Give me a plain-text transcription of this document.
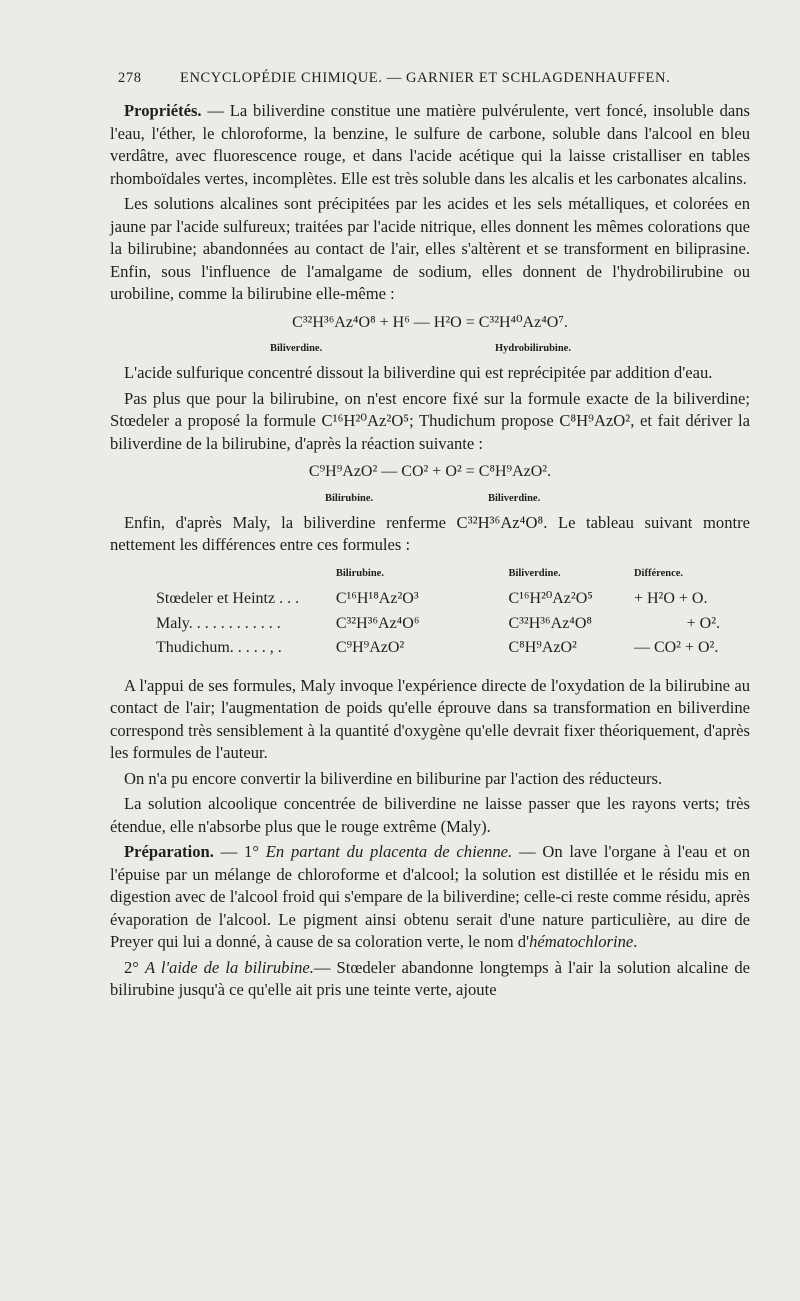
278	ENCYCLOPÉDIE CHIMIQUE. — GARNIER ET SCHLAGDENHAUFFEN.

Propriétés. — La biliverdine constitue une matière pulvérulente, vert foncé, insoluble dans l'eau, l'éther, le chloroforme, la benzine, le sulfure de carbone, soluble dans l'alcool en bleu verdâtre, avec fluorescence rouge, et dans l'acide acétique qui la laisse cristalliser en tables rhomboïdales vertes, incomplètes. Elle est très soluble dans les alcalis et les carbonates alcalins.

Les solutions alcalines sont précipitées par les acides et les sels métalliques, et colorées en jaune par l'acide sulfureux; traitées par l'acide nitrique, elles donnent les mêmes colorations que la bilirubine; abandonnées au contact de l'air, elles s'altèrent et se transforment en biliprasine. Enfin, sous l'influence de l'amalgame de sodium, elles donnent de l'hydrobilirubine ou urobiline, comme la bilirubine elle-même :

C³²H³⁶Az⁴O⁸ + H⁶ — H²O = C³²H⁴⁰Az⁴O⁷.
Biliverdine.	Hydrobilirubine.

L'acide sulfurique concentré dissout la biliverdine qui est reprécipitée par addition d'eau.

Pas plus que pour la bilirubine, on n'est encore fixé sur la formule exacte de la biliverdine; Stœdeler a proposé la formule C¹⁶H²⁰Az²O⁵; Thudichum propose C⁸H⁹AzO², et fait dériver la biliverdine de la bilirubine, d'après la réaction suivante :

C⁹H⁹AzO² — CO² + O² = C⁸H⁹AzO².
Bilirubine.	Biliverdine.

Enfin, d'après Maly, la biliverdine renferme C³²H³⁶Az⁴O⁸. Le tableau suivant montre nettement les différences entre ces formules :

	Bilirubine.	Biliverdine.	Différence.
Stœdeler et Heintz . . .	C¹⁶H¹⁸Az²O³	C¹⁶H²⁰Az²O⁵	+ H²O + O.
Maly. . . . . . . . . . . .	C³²H³⁶Az⁴O⁶	C³²H³⁶Az⁴O⁸	+ O².
Thudichum. . . . . , .	C⁹H⁹AzO²	C⁸H⁹AzO²	— CO² + O².

A l'appui de ses formules, Maly invoque l'expérience directe de l'oxydation de la bilirubine au contact de l'air; l'augmentation de poids qu'elle éprouve dans sa transformation en biliverdine correspond très sensiblement à la quantité d'oxygène qu'elle devrait fixer théoriquement, d'après les formules de l'auteur.

On n'a pu encore convertir la biliverdine en biliburine par l'action des réducteurs.

La solution alcoolique concentrée de biliverdine ne laisse passer que les rayons verts; très étendue, elle n'absorbe plus que le rouge extrême (Maly).

Préparation. — 1° En partant du placenta de chienne. — On lave l'organe à l'eau et on l'épuise par un mélange de chloroforme et d'alcool; la solution est distillée et le résidu mis en digestion avec de l'alcool froid qui s'empare de la biliverdine; celle-ci reste comme résidu, après évaporation de l'alcool. Le pigment ainsi obtenu serait d'une nature particulière, au dire de Preyer qui lui a donné, à cause de sa coloration verte, le nom d'hématochlorine.

2° A l'aide de la bilirubine.— Stœdeler abandonne longtemps à l'air la solution alcaline de bilirubine jusqu'à ce qu'elle ait pris une teinte verte, ajoute
